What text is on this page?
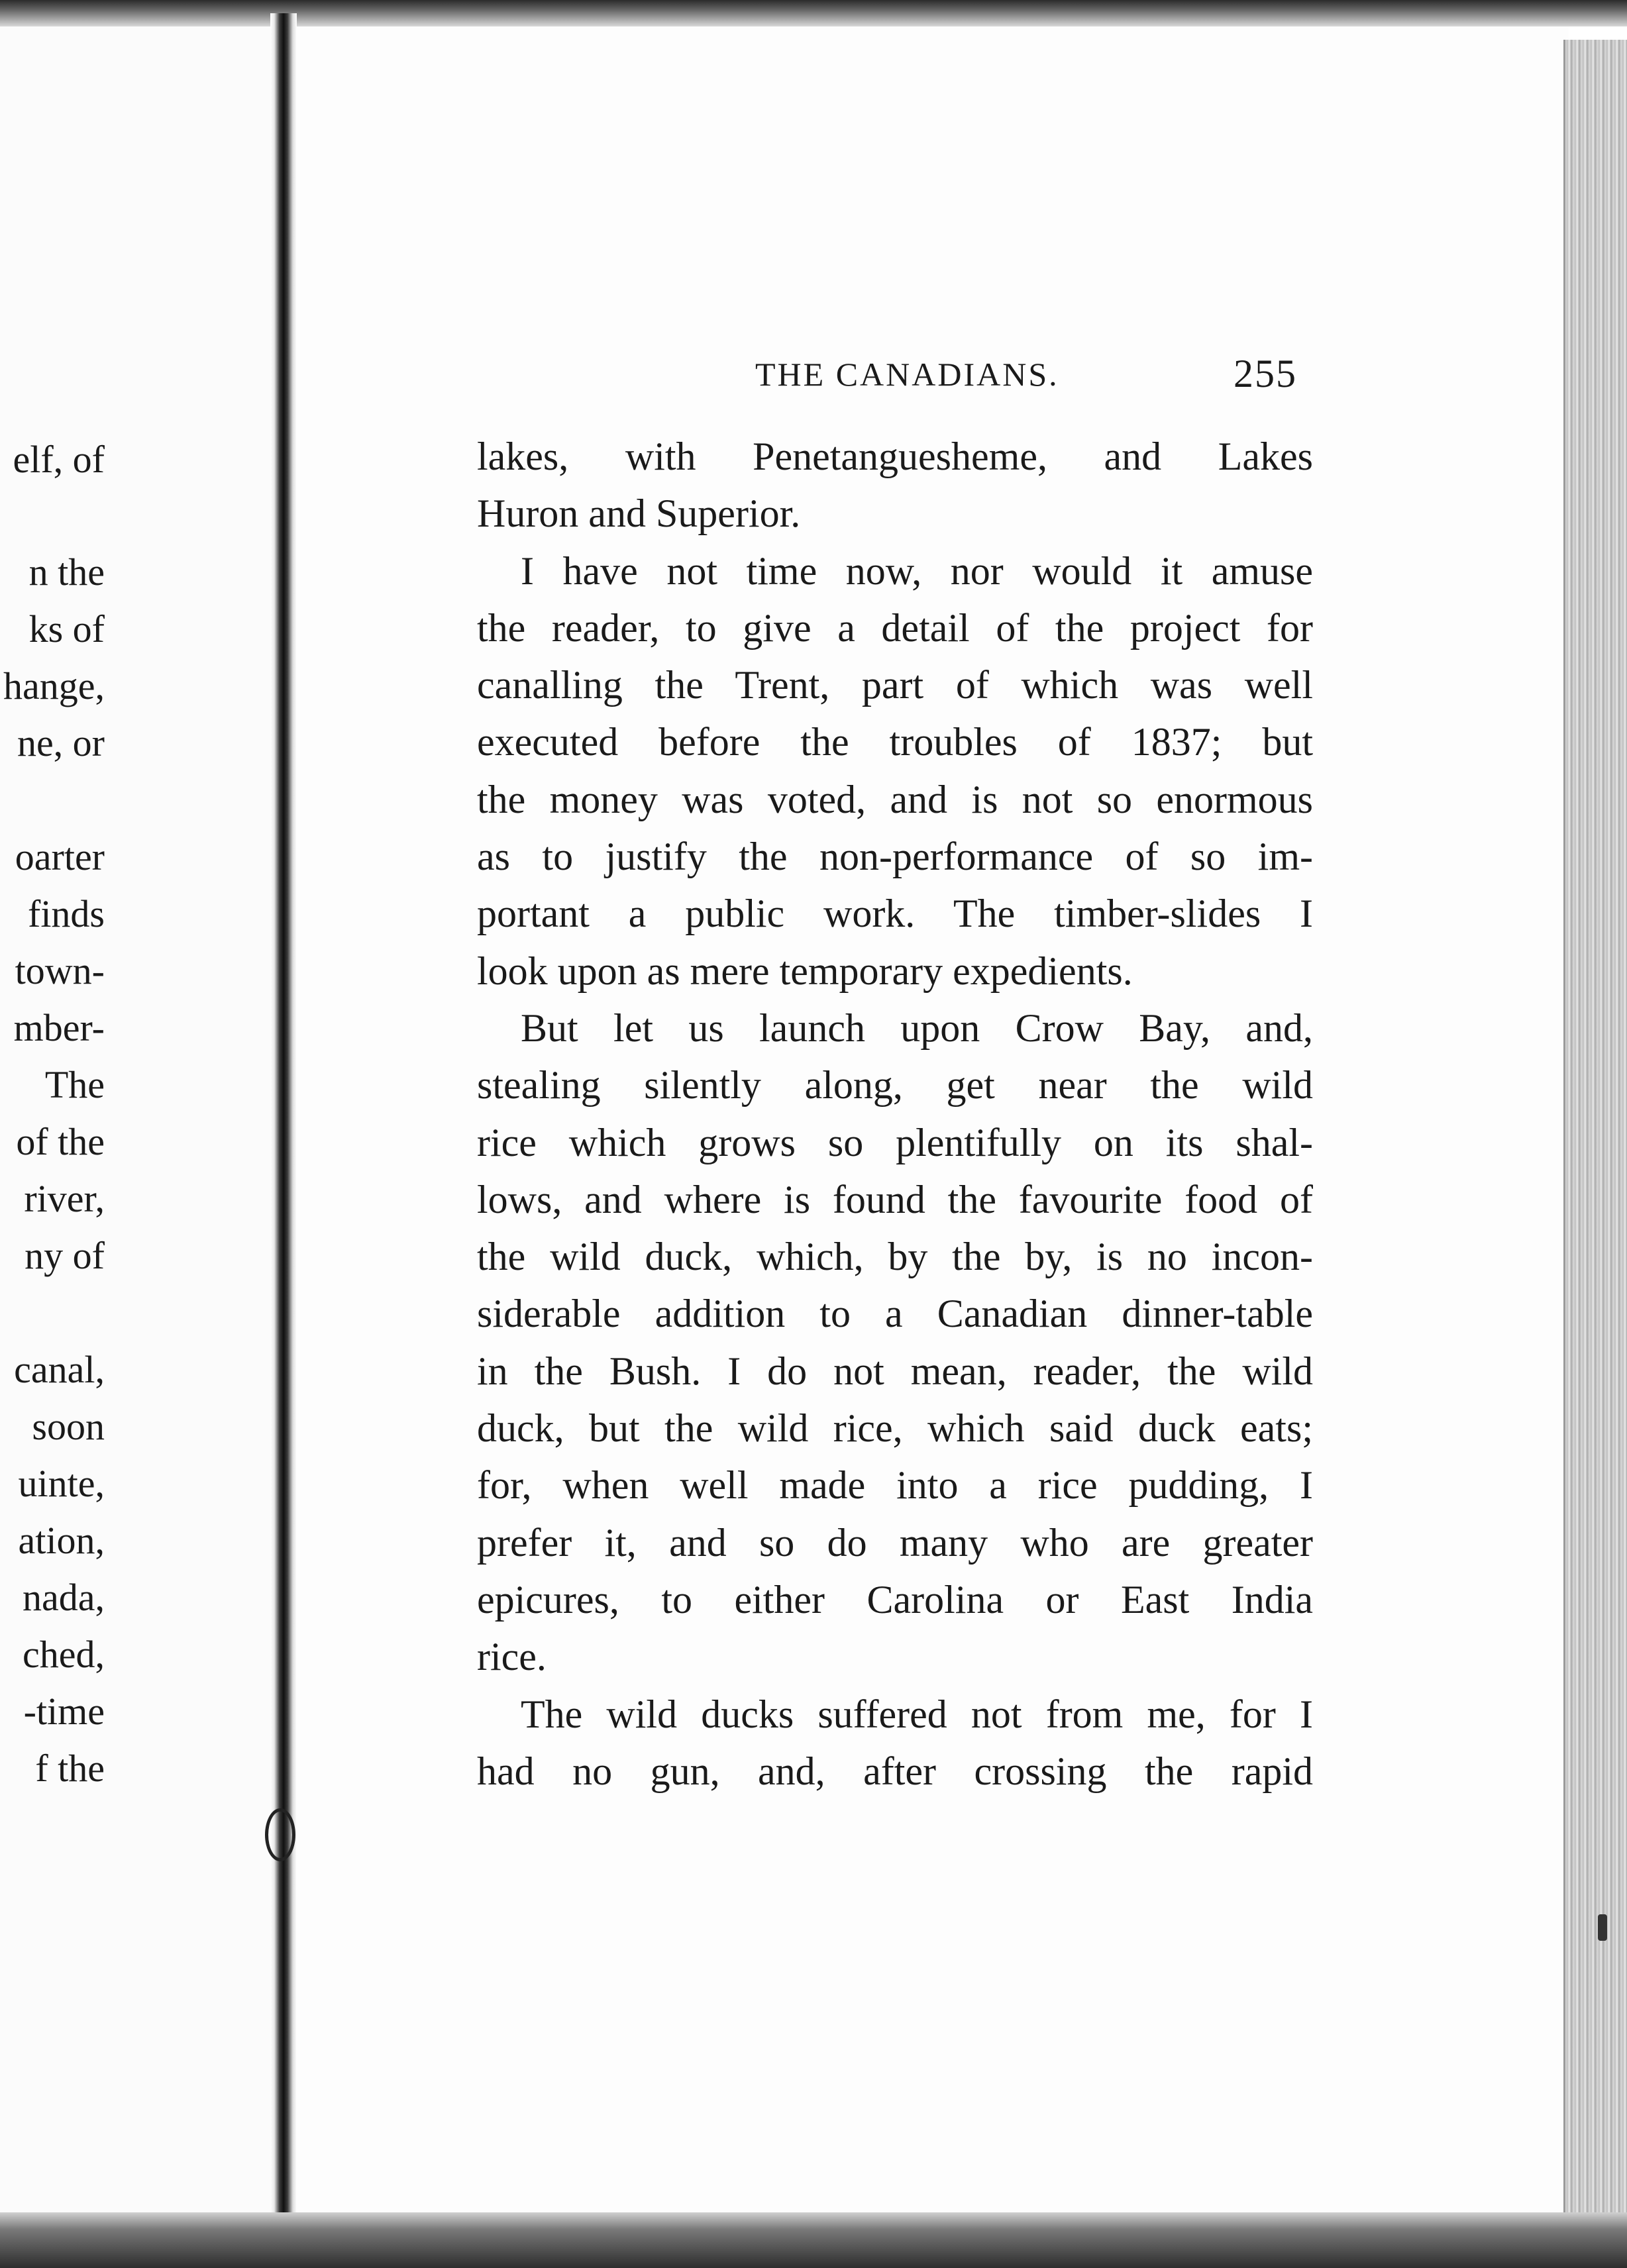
elf, of
n the
ks of
hange,
ne, or
oarter
finds
town-
mber-
The
of the
river,
ny of
canal,
soon
uinte,
ation,
nada,
ched,
-time
f the
THE CANADIANS.	255
lakes, with Penetanguesheme, and Lakes
Huron and Superior.
I have not time now, nor would it amuse
the reader, to give a detail of the project for
canalling the Trent, part of which was well
executed before the troubles of 1837; but
the money was voted, and is not so enormous
as to justify the non-performance of so im-
portant a public work. The timber-slides I
look upon as mere temporary expedients.
But let us launch upon Crow Bay, and,
stealing silently along, get near the wild
rice which grows so plentifully on its shal-
lows, and where is found the favourite food of
the wild duck, which, by the by, is no incon-
siderable addition to a Canadian dinner-table
in the Bush. I do not mean, reader, the wild
duck, but the wild rice, which said duck eats;
for, when well made into a rice pudding, I
prefer it, and so do many who are greater
epicures, to either Carolina or East India
rice.
The wild ducks suffered not from me, for I
had no gun, and, after crossing the rapid
